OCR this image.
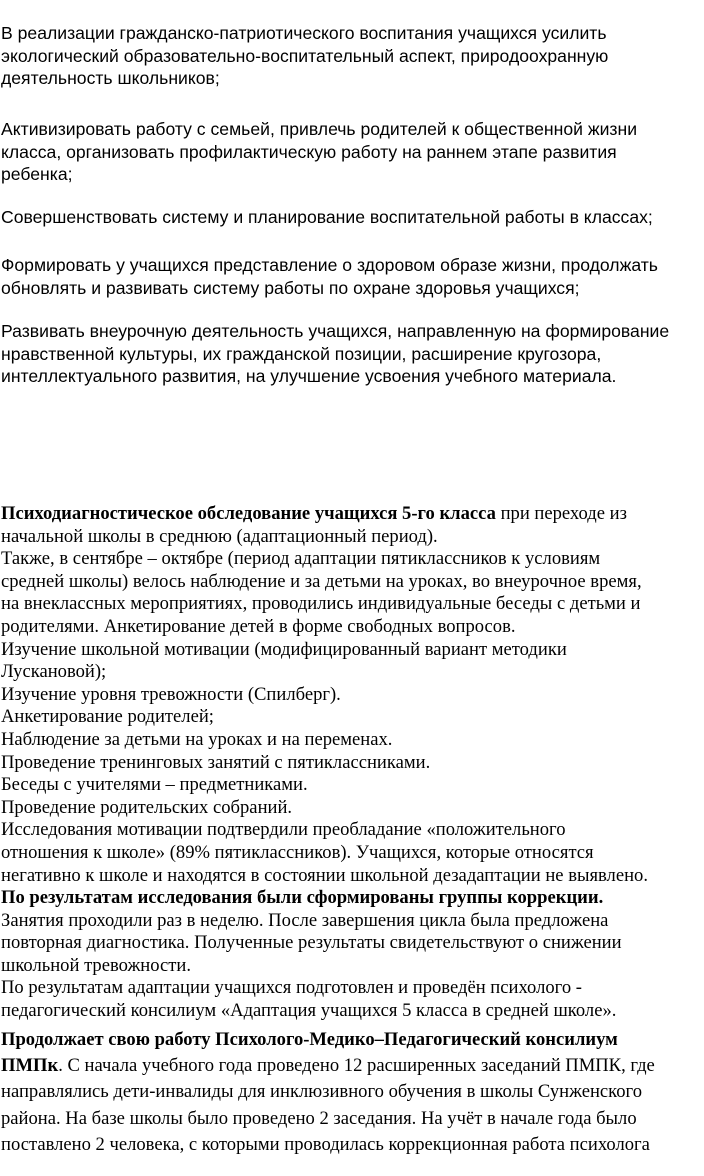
В реализации гражданско-патриотического воспитания учащихся усилить
экологический образовательно-воспитательный аспект, природоохранную
деятельность школьников;

Активизировать работу с семьей, привлечь родителей к общественной жизни
класса, организовать профилактическую работу на раннем этапе развития
ребенка;

Совершенствовать систему и планирование воспитательной работы в классах;

Формировать у учащихся представление о здоровом образе жизни, продолжать
обновлять и развивать систему работы по охране здоровья учащихся;

Развивать внеурочную деятельность учащихся, направленную на формирование
нравственной культуры, их гражданской позиции, расширение кругозора,
интеллектуального развития, на улучшение усвоения учебного материала.

Психодиагностическое обследование учащихся 5-го класса при переходе из
начальной школы в среднюю (адаптационный период).
Также, в сентябре – октябре (период адаптации пятиклассников к условиям
средней школы) велось наблюдение и за детьми на уроках, во внеурочное время,
на внеклассных мероприятиях, проводились индивидуальные беседы с детьми и
родителями. Анкетирование детей в форме свободных вопросов.
Изучение школьной мотивации (модифицированный вариант методики
Лускановой);
Изучение уровня тревожности (Спилберг).
Анкетирование родителей;
Наблюдение за детьми на уроках и на переменах.
Проведение тренинговых занятий с пятиклассниками.
Беседы с учителями – предметниками.
Проведение родительских собраний.
Исследования мотивации подтвердили преобладание «положительного
отношения к школе» (89% пятиклассников). Учащихся, которые относятся
негативно к школе и находятся в состоянии школьной дезадаптации не выявлено.
По результатам исследования были сформированы группы коррекции.
Занятия проходили раз в неделю. После завершения цикла была предложена
повторная диагностика. Полученные результаты свидетельствуют о снижении
школьной тревожности.
По результатам адаптации учащихся подготовлен и проведён психолого -
педагогический консилиум «Адаптация учащихся 5 класса в средней школе».
Продолжает свою работу Психолого-Медико–Педагогический консилиум
ПМПк. С начала учебного года проведено 12 расширенных заседаний ПМПК, где
направлялись дети-инвалиды для инклюзивного обучения в школы Сунженского
района. На базе школы было проведено 2 заседания. На учёт в начале года было
поставлено 2 человека, с которыми проводилась коррекционная работа психолога
